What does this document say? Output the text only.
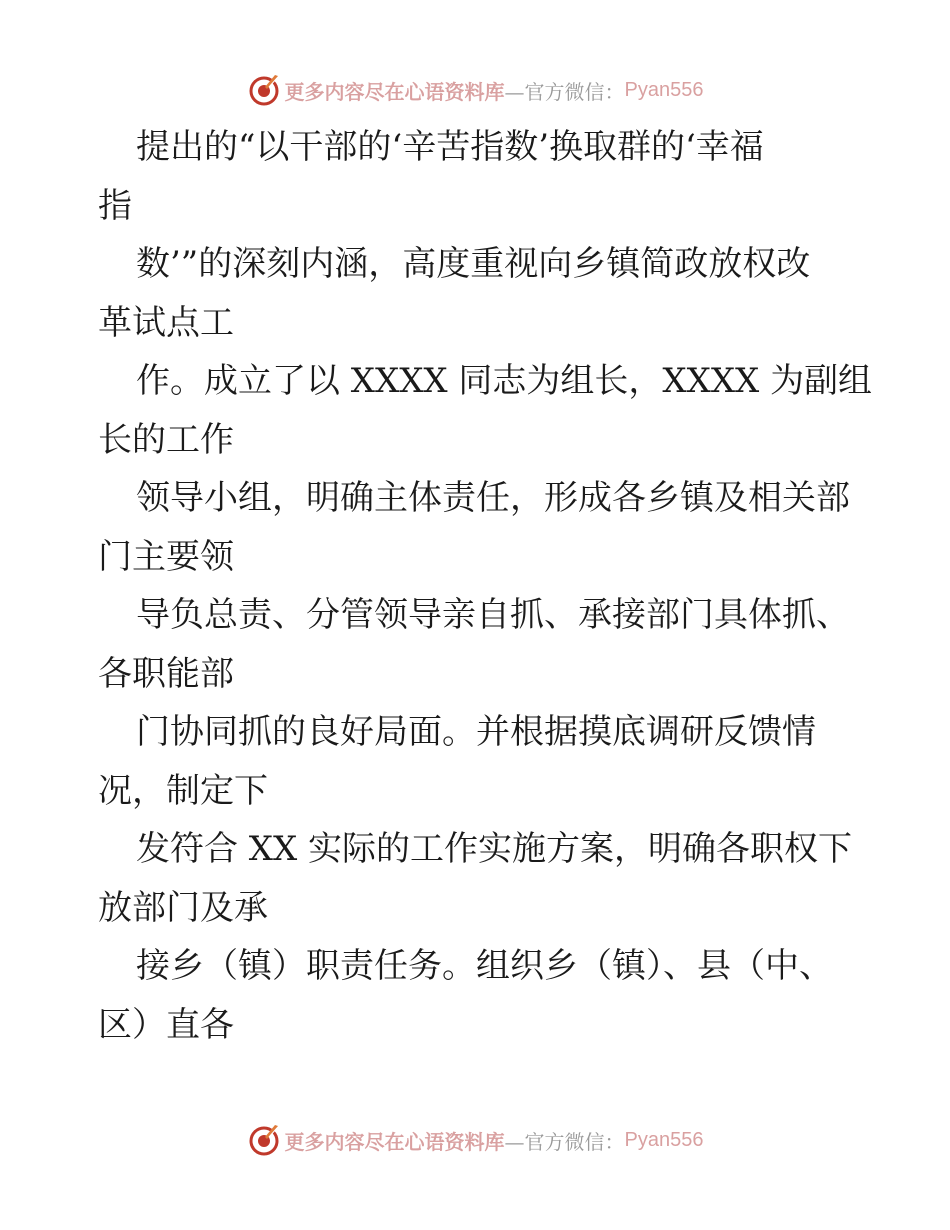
更多内容尽在心语资料库 —官方微信： Pyan556
提出的“以干部的‘辛苦指数’换取群的‘幸福
指
数’”的深刻内涵，高度重视向乡镇简政放权改
革试点工
作。成立了以 XXXX 同志为组长，XXXX 为副组
长的工作
领导小组，明确主体责任，形成各乡镇及相关部
门主要领
导负总责、分管领导亲自抓、承接部门具体抓、
各职能部
门协同抓的良好局面。并根据摸底调研反馈情
况，制定下
发符合 XX 实际的工作实施方案，明确各职权下
放部门及承
接乡（镇）职责任务。组织乡（镇）、县（中、
区）直各
更多内容尽在心语资料库 —官方微信： Pyan556
